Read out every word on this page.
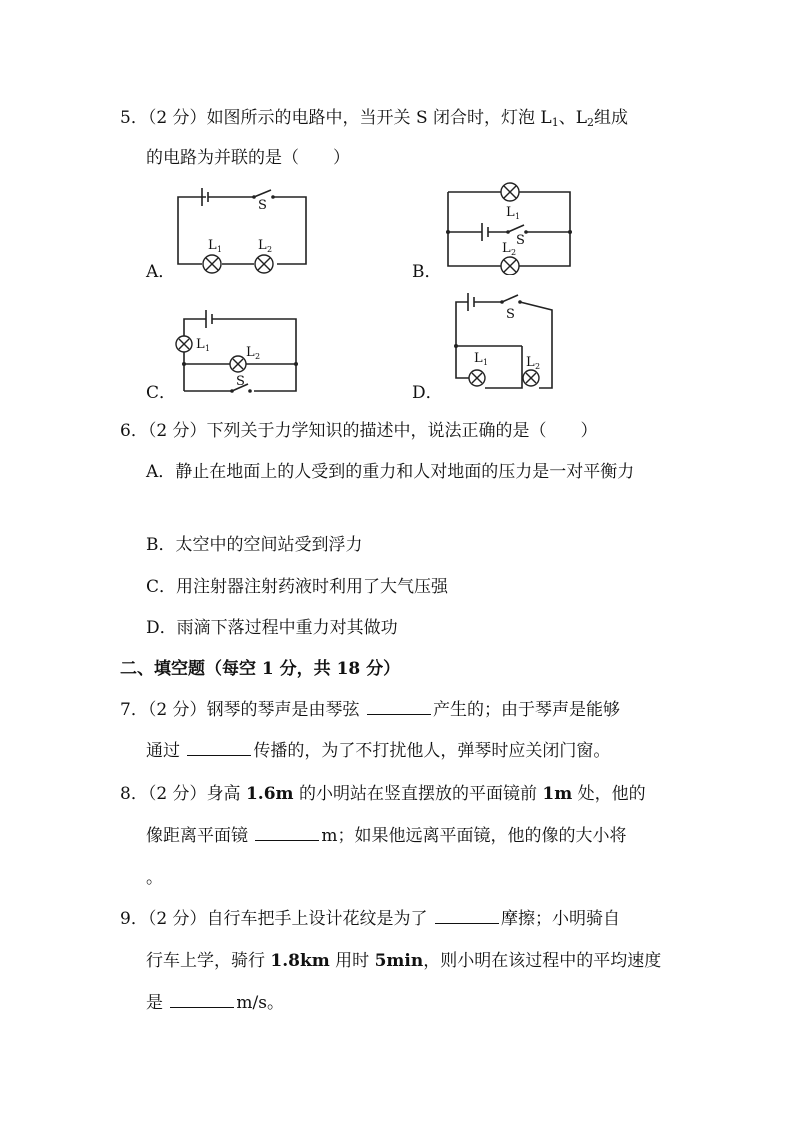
5．（2 分）如图所示的电路中，当开关 S 闭合时，灯泡 $L_1$、$L_2$组成
的电路为并联的是（　　）
A．
S
L 1	L 2
B．
L 1
S
L 2
C．
L 1	L 2
S
D．
S
L 1	L 2
6．（2 分）下列关于力学知识的描述中，说法正确的是（　　）
A．静止在地面上的人受到的重力和人对地面的压力是一对平衡力
B．太空中的空间站受到浮力
C．用注射器注射药液时利用了大气压强
D．雨滴下落过程中重力对其做功
二、填空题（每空 1 分，共 18 分）
7．（2 分）钢琴的琴声是由琴弦	产生的；由于琴声是能够
通过	传播的，为了不打扰他人，弹琴时应关闭门窗。
8．（2 分）身高 1.6m 的小明站在竖直摆放的平面镜前 1m 处，他的
像距离平面镜	m；如果他远离平面镜，他的像的大小将
。
9．（2 分）自行车把手上设计花纹是为了	摩擦；小明骑自
行车上学，骑行 1.8km 用时 5min，则小明在该过程中的平均速度
是	m/s。
